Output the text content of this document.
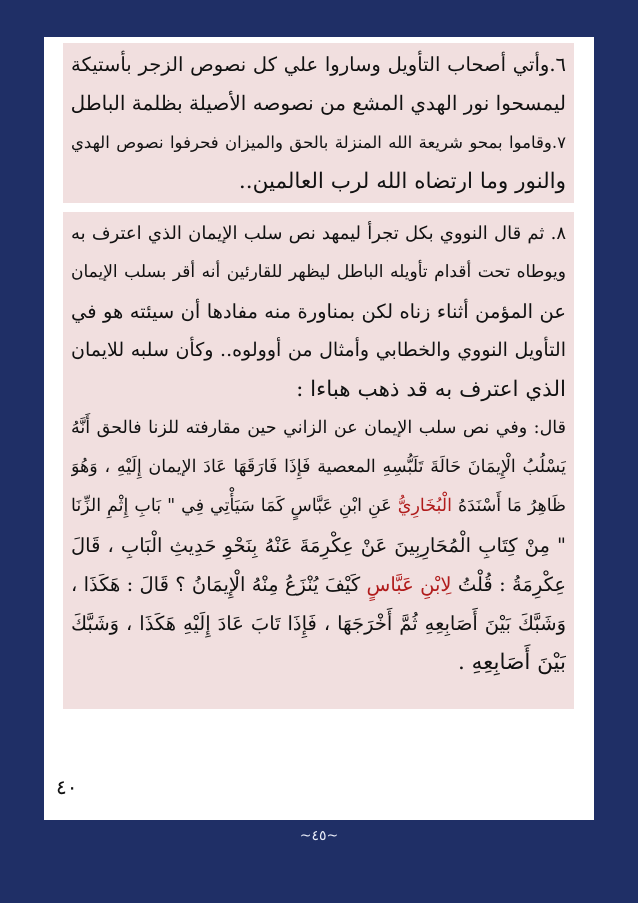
٦.وأتي أصحاب التأويل وساروا علي كل نصوص الزجر بأستيكة
ليمسحوا نور الهدي المشع من نصوصه الأصيلة بظلمة الباطل
٧.وقاموا بمحو شريعة الله المنزلة بالحق والميزان فحرفوا نصوص الهدي
والنور وما ارتضاه الله لرب العالمين..
٨. ثم قال النووي بكل تجرأ ليمهد نص سلب الإيمان الذي اعترف به
ويوطاه تحت أقدام تأويله الباطل ليظهر للقارئين أنه أقر بسلب الإيمان
عن المؤمن أثناء زناه لكن بمناورة منه مفادها أن سيئته هو في
التأويل النووي والخطابي وأمثال من أوولوه.. وكأن سلبه للايمان
الذي اعترف به قد ذهب هباءا :
قال: وفي نص سلب الإيمان عن الزاني حين مقارفته للزنا فالحق أَنَّهُ
يَسْلُبُ الْإِيمَانَ حَالَةَ تَلَبُّسِهِ المعصية فَإِذَا فَارَقَهَا عَادَ الإيمان إِلَيْهِ ، وَهُوَ
ظَاهِرُ مَا أَسْنَدَهُ الْبُخَارِيُّ عَنِ ابْنِ عَبَّاسٍ كَمَا سَيَأْتِي فِي " بَابِ إِثْمِ الزِّنَا
" مِنْ كِتَابِ الْمُحَارِبِينَ عَنْ عِكْرِمَةَ عَنْهُ بِنَحْوِ حَدِيثِ الْبَابِ ، قَالَ
عِكْرِمَةُ : قُلْتُ لِابْنِ عَبَّاسٍ كَيْفَ يُنْزَعُ مِنْهُ الْإِيمَانُ ؟ قَالَ : هَكَذَا ،
وَشَبَّكَ بَيْنَ أَصَابِعِهِ ثُمَّ أَخْرَجَهَا ، فَإِذَا تَابَ عَادَ إِلَيْهِ هَكَذَا ، وَشَبَّكَ
بَيْنَ أَصَابِعِهِ .
٤٠
~٤٥~
